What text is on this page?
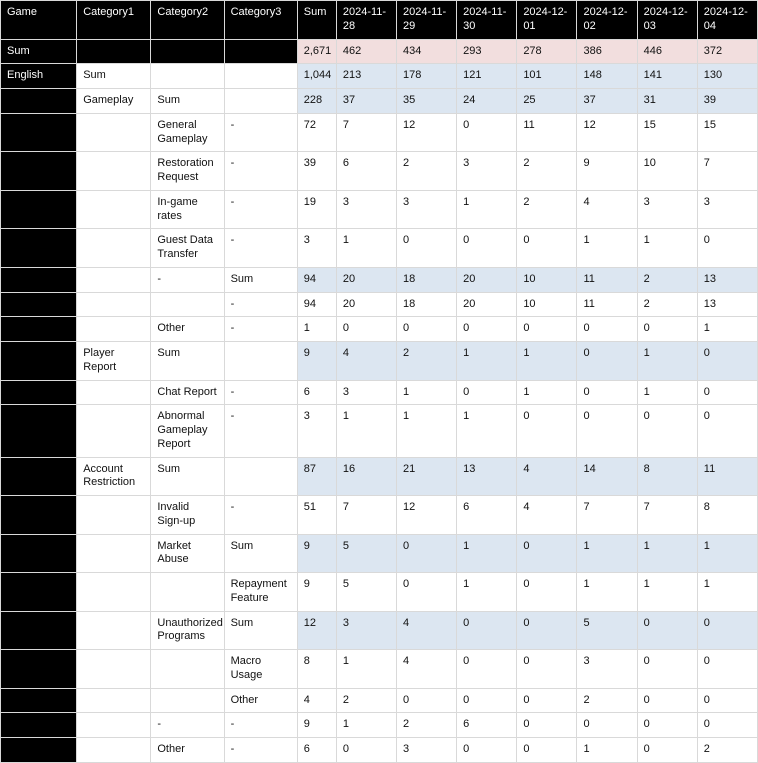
Game	Category1	Category2	Category3	Sum	2024-11-28	2024-11-29	2024-11-30	2024-12-01	2024-12-02	2024-12-03	2024-12-04
Sum				2,671	462	434	293	278	386	446	372
English	Sum			1,044	213	178	121	101	148	141	130
	Gameplay	Sum		228	37	35	24	25	37	31	39
		General Gameplay	-	72	7	12	0	11	12	15	15
		Restoration Request	-	39	6	2	3	2	9	10	7
		In-game rates	-	19	3	3	1	2	4	3	3
		Guest Data Transfer	-	3	1	0	0	0	1	1	0
		-	Sum	94	20	18	20	10	11	2	13
			-	94	20	18	20	10	11	2	13
		Other	-	1	0	0	0	0	0	0	1
	Player Report	Sum		9	4	2	1	1	0	1	0
		Chat Report	-	6	3	1	0	1	0	1	0
		Abnormal Gameplay Report	-	3	1	1	1	0	0	0	0
	Account Restriction	Sum		87	16	21	13	4	14	8	11
		Invalid Sign-up	-	51	7	12	6	4	7	7	8
		Market Abuse	Sum	9	5	0	1	0	1	1	1
			Repayment Feature	9	5	0	1	0	1	1	1
		Unauthorized Programs	Sum	12	3	4	0	0	5	0	0
			Macro Usage	8	1	4	0	0	3	0	0
			Other	4	2	0	0	0	2	0	0
		-	-	9	1	2	6	0	0	0	0
		Other	-	6	0	3	0	0	1	0	2
